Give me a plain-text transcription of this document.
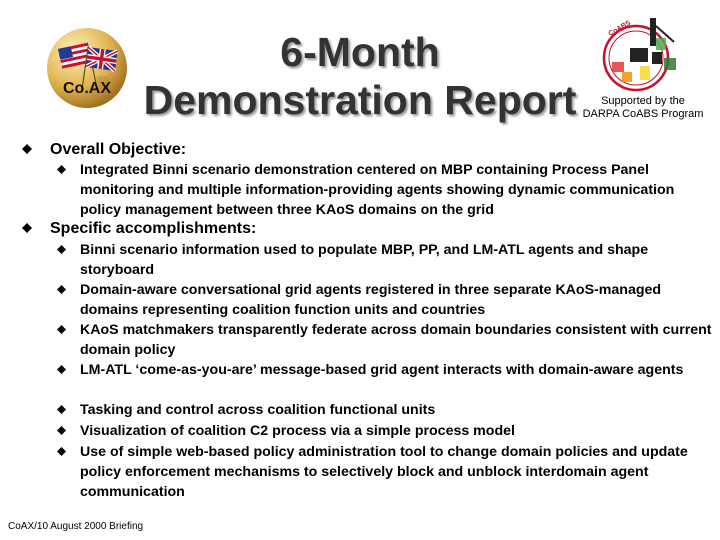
Co.AX
6-Month
Demonstration Report
CoABS
Supported by the
DARPA CoABS Program
Overall Objective:
Integrated Binni scenario demonstration centered on MBP containing Process Panel monitoring and multiple information-providing agents showing dynamic communication policy management between three KAoS domains on the grid
Specific accomplishments:
Binni scenario information used to populate MBP, PP, and LM-ATL agents and shape storyboard
Domain-aware conversational grid agents registered in three separate KAoS-managed domains representing coalition function units and countries
KAoS matchmakers transparently federate across domain boundaries consistent with current domain policy
LM-ATL ‘come-as-you-are’ message-based grid agent interacts with domain-aware agents
Tasking and control across coalition functional units
Visualization of coalition C2 process via a simple process model
Use of simple web-based policy administration tool to change domain policies and update policy enforcement mechanisms to selectively block and unblock interdomain agent communication
CoAX/10 August 2000 Briefing
